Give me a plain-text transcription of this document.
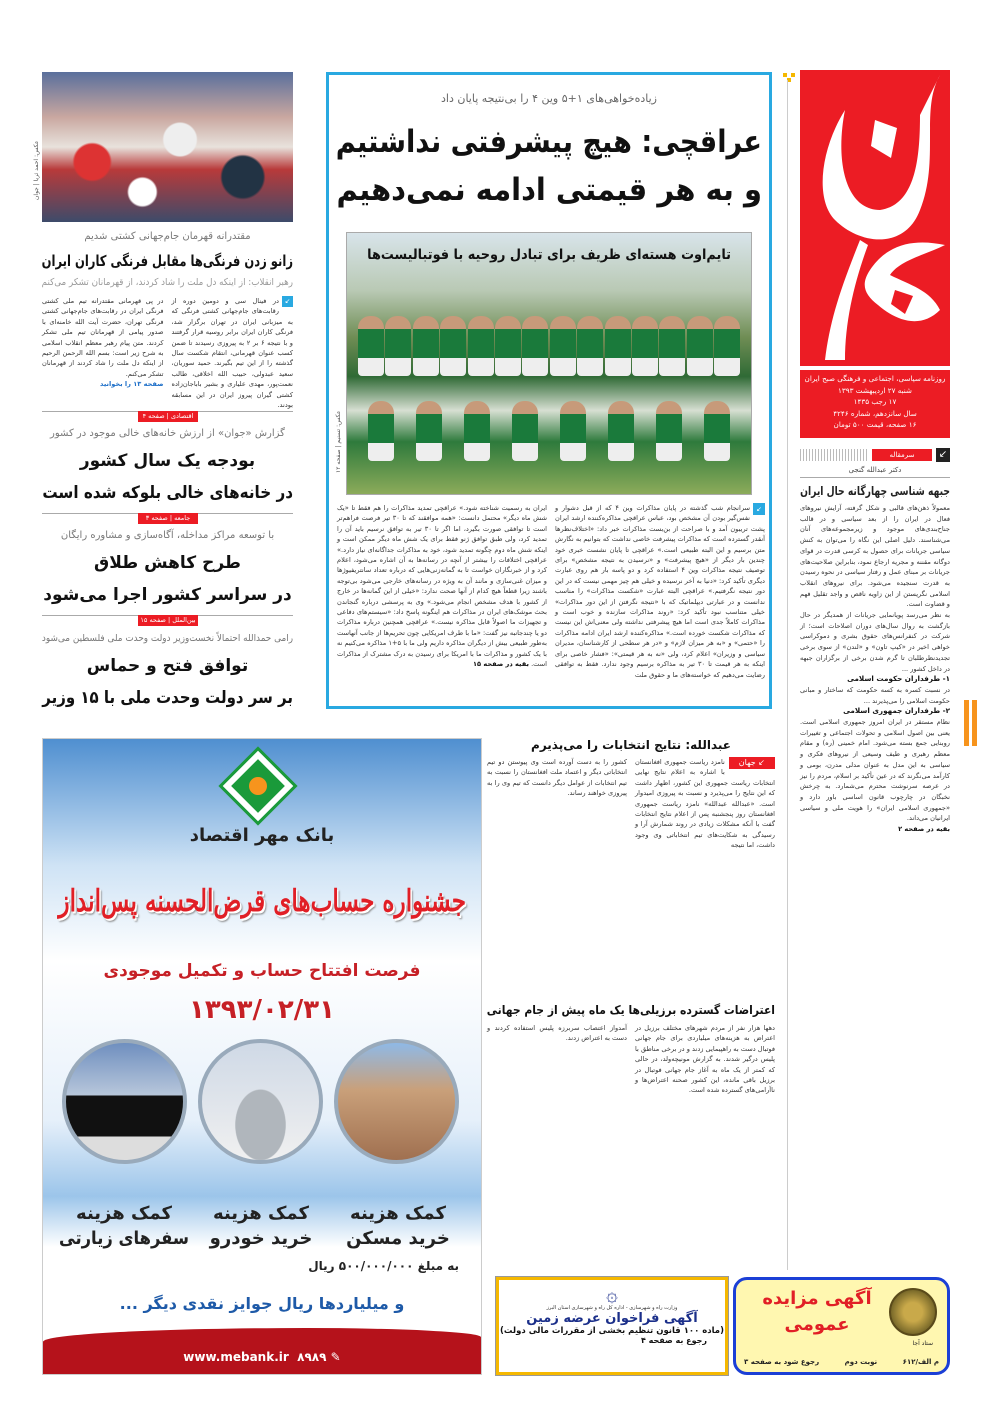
روزنامه سیاسی، اجتماعی و فرهنگی صبح ایران
شنبه ۲۷ اردیبهشت ۱۳۹۳
۱۷ رجب ۱۴۳۵
سال سانزدهم، شماره ۴۲۴۶
۱۶ صفحه، قیمت ۵۰۰ تومان
↙
سرمقاله
دکتر عبدالله گنجی
جبهه شناسی چهارگانه حال ایران

معمولاً ذهن‌های قالبی و شکل گرفته، آرایش نیروهای فعال در ایران را از بعد سیاسی و در قالب جناح‌بندی‌های موجود و زیرمجموعه‌های آنان می‌شناسند. دلیل اصلی این نگاه را می‌توان به کنش سیاسی جریانات برای حصول به کرسی قدرت در قوای دوگانه مقننه و مجریه ارجاع نمود، بنابراین صلاحیت‌های جریانات بر مبنای عمل و رفتار سیاسی در نحوه رسیدن به قدرت سنجیده می‌شود. برای نیروهای انقلاب اسلامی نگریستن از این زاویه ناقص و واجد تقلیل فهم و قضاوت است.

به نظر می‌رسد پویانمایی جریانات از همدیگر در حال بازگشت به روال سال‌های دوران اصلاحات است؛ از شرکت در کنفرانس‌های حقوق بشری و دموکراسی خواهی اخیر در «کیپ تاون» و «لندن» از سوی برخی تجدیدنظرطلبان تا گرم شدن برخی از برگزاران جبهه در داخل کشور ...

۱- طرفداران حکومت اسلامی

در نسبت کسره به کسه حکومت که ساختار و مبانی حکومت اسلامی را می‌پذیرند ...

۲- طرفداران جمهوری اسلامی

نظام مستقر در ایران امروز جمهوری اسلامی است. یعنی بین اصول اسلامی و تحولات اجتماعی و تغییرات روبنایی جمع بسته می‌شود. امام خمینی (ره) و مقام معظم رهبری و طیف وسیعی از نیروهای فکری و سیاسی به این مدل به عنوان مدلی مدرن، بومی و کارآمد می‌نگرند که در عین تأکید بر اسلام، مردم را نیز در عرصه سرنوشت محترم می‌شمارد. به چرخش نخبگان در چارچوب قانون اساسی باور دارد و «جمهوری اسلامی ایران» را هویت ملی و سیاسی ایرانیان می‌داند.

بقیه در صفحه ۲

زیاده‌خواهی‌های ۱+۵ وین ۴ را بی‌نتیجه پایان داد
عراقچی: هیچ پیشرفتی نداشتیم
و به هر قیمتی ادامه نمی‌دهیم
تایم‌اوت هسته‌ای ظریف برای تبادل روحیه با فوتبالیست‌ها
عکس: تسنیم | صفحه ۱۲
↙
سرانجام شب گذشته در پایان مذاکرات وین ۴ که از قبل دشوار و نفس‌گیر بودن آن مشخص بود، عباس عراقچی مذاکره‌کننده ارشد ایران پشت تریبون آمد و با صراحت از بن‌بست مذاکرات خبر داد: «اختلاف‌نظرها آنقدر گسترده است که مذاکرات پیشرفت خاصی نداشت که بتوانیم به نگارش متن برسیم و این البته طبیعی است.» عراقچی تا پایان نشست خبری خود چندین بار دیگر از «هیچ پیشرفت» و «نرسیدن به نتیجه مشخص» برای توصیف نتیجه مذاکرات وین ۴ استفاده کرد و دو پاسه بار هم روی عبارت دیگری تأکید کرد: «دنیا به آخر نرسیده و خیلی هم چیز مهمی نیست که در این دور نتیجه نگرفتیم.» عراقچی البته عبارت «شکست مذاکرات» را مناسب ندانست و در عبارتی دیپلماتیک که با «نتیجه نگرفتن از این دور مذاکرات» خیلی متناسب نبود تأکید کرد: «روند مذاکرات سازنده و خوب است و مذاکرات کاملاً جدی است اما هیچ پیشرفتی نداشته ولی معنی‌اش این نیست که مذاکرات شکست خورده است.» مذاکره‌کننده ارشد ایران ادامه مذاکرات را «حتمی» و «به هر میزان لازم» و «در هر سطحی از کارشناسان، مدیران سیاسی و وزیران» اعلام کرد، ولی «نه به هر قیمتی»: «فشار خاصی برای اینکه به هر قیمت تا ۳۰ تیر به مذاکره برسیم وجود ندارد. فقط به توافقی رضایت می‌دهیم که خواسته‌های ما و حقوق ملت
ایران به رسمیت شناخته شود.» عراقچی تمدید مذاکرات را هم فقط تا «یک شش ماه دیگر» محتمل دانست: «همه موافقند که تا ۳۰ تیر فرصت فراهم‌تر است تا توافقی صورت بگیرد، اما اگر تا ۳۰ تیر به توافق نرسیم باید آن را تمدید کرد، ولی طبق توافق ژنو فقط برای یک شش ماه دیگر ممکن است و اینکه شش ماه دوم چگونه تمدید شود، خود به مذاکرات جداگانه‌ای نیاز دارد.» عراقچی اختلافات را بیشتر از آنچه در رسانه‌ها به آن اشاره می‌شود، اعلام کرد و از خبرنگاران خواست تا به گمانه‌زنی‌هایی که درباره تعداد سانتریفیوژها و میزان غنی‌سازی و مانند آن به ویژه در رسانه‌های خارجی می‌شود بی‌توجه باشند زیرا قطعاً هیچ کدام از آنها صحت ندارد: «خیلی از این گمانه‌ها در خارج از کشور با هدف مشخص انجام می‌شود.» وی به پرسشی درباره گنجاندن بحث موشک‌های ایران در مذاکرات هم اینگونه پاسخ داد: «سیستم‌های دفاعی و تجهیزات ما اصولاً قابل مذاکره نیست.» عراقچی همچنین درباره مذاکرات دو یا چندجانبه نیز گفت: «ما با طرف امریکایی چون تحریم‌ها از جانب آنهاست به‌طور طبیعی بیش از دیگران مذاکره داریم ولی ما با ۵+۱ مذاکره می‌کنیم نه با یک کشور و مذاکرات ما با امریکا برای رسیدن به درک مشترک از مذاکرات است. بقیه در صفحه ۱۵
عکس: احمد ثریا | جوان
مقتدرانه قهرمان جام‌جهانی کشتی شدیم
زانو زدن فرنگی‌ها مقابل فرنگی کاران ایران
رهبر انقلاب: از اینکه دل ملت را شاد کردند، از قهرمانان تشکر می‌کنم
↙
در فینال سی و دومین دوره از رقابت‌های جام‌جهانی کشتی فرنگی که به میزبانی ایران در تهران برگزار شد، فرنگی کاران ایران برابر روسیه قرار گرفتند و با نتیجه ۶ بر ۲ به پیروزی رسیدند تا ضمن کسب عنوان قهرمانی، انتقام شکست سال گذشته را از این تیم بگیرند. حمید سوریان، سعید عبدولی، حبیب الله اخلاقی، طالب نعمت‌پور، مهدی علیاری و بشیر باباجان‌زاده کشتی گیران پیروز ایران در این مسابقه بودند.
در پی قهرمانی مقتدرانه تیم ملی کشتی فرنگی ایران در رقابت‌های جام‌جهانی کشتی فرنگی تهران، حضرت آیت الله خامنه‌ای با صدور پیامی از قهرمانان تیم ملی تشکر کردند. متن پیام رهبر معظم انقلاب اسلامی به شرح زیر است: بسم الله الرحمن الرحیم از اینکه دل ملت را شاد کردند از قهرمانان تشکر می‌کنم.
صفحه ۱۳ را بخوانید
اقتصادی | صفحه ۴
گزارش «جوان» از ارزش خانه‌های خالی موجود در کشور
بودجه یک سال کشور
در خانه‌های خالی بلوکه شده است
جامعه | صفحه ۳
با توسعه مراکز مداخله، آگاه‌سازی و مشاوره رایگان
طرح کاهش طلاق
در سراسر کشور اجرا می‌شود
بین‌الملل | صفحه ۱۵
رامی حمدالله احتمالاً نخست‌وزیر دولت وحدت ملی فلسطین می‌شود
توافق فتح و حماس
بر سر دولت وحدت ملی با ۱۵ وزیر
بانک مهر اقتصاد
جشنواره حساب‌های قرض‌الحسنه پس‌انداز
فرصت افتتاح حساب و تکمیل موجودی
۱۳۹۳/۰۲/۳۱
کمک هزینه
خرید مسکن
کمک هزینه
خرید خودرو
کمک هزینه
سفرهای زیارتی
به مبلغ ۵۰۰/۰۰۰/۰۰۰ ریال
و میلیاردها ریال جوایز نقدی دیگر ...
www.mebank.ir ۸۹۸۹ ✎
عبدالله: نتایج انتخابات را می‌پذیرم
↙ جهان
نامزد ریاست جمهوری افغانستان با اشاره به اعلام نتایج نهایی انتخابات ریاست جمهوری این کشور، اظهار داشت که این نتایج را می‌پذیرد و نسبت به پیروزی امیدوار است. «عبدالله عبدالله» نامزد ریاست جمهوری افغانستان روز پنجشنبه پس از اعلام نتایج انتخابات گفت با آنکه مشکلات زیادی در روند شمارش آرا و رسیدگی به شکایت‌های تیم انتخاباتی وی وجود داشت، اما نتیجه
کشور را به دست آورده است وی پیوستن دو تیم انتخاباتی دیگر و اعتماد ملت افغانستان را نسبت به تیم انتخابات از عوامل دیگر دانست که تیم وی را به پیروزی خواهند رساند.
اعتراضات گسترده برزیلی‌ها یک ماه پیش از جام جهانی
دهها هزار نفر از مردم شهرهای مختلف برزیل در اعتراض به هزینه‌های میلیاردی برای جام جهانی فوتبال دست به راهپیمایی زدند و در برخی مناطق با پلیس درگیر شدند. به گزارش مونیچه‌ولد، در حالی که کمتر از یک ماه به آغاز جام جهانی فوتبال در برزیل باقی مانده، این کشور صحنه اعتراض‌ها و ناآرامی‌های گسترده شده است.
آمدواز اعتصاب سربرزه پلیس استفاده کردند و دست به اعتراض زدند.
۞
وزارت راه و شهرسازی - اداره کل راه و شهرسازی استان البرز
آگهی فراخوان عرضه زمین
(ماده ۱۰۰ قانون تنظیم بخشی از مقررات مالی دولت)
رجوع به صفحه ۴	ستاد آجا
آگهی مزایده
عمومی
م الف/۶۱۲
نوبت دوم
رجوع شود به صفحه ۳
